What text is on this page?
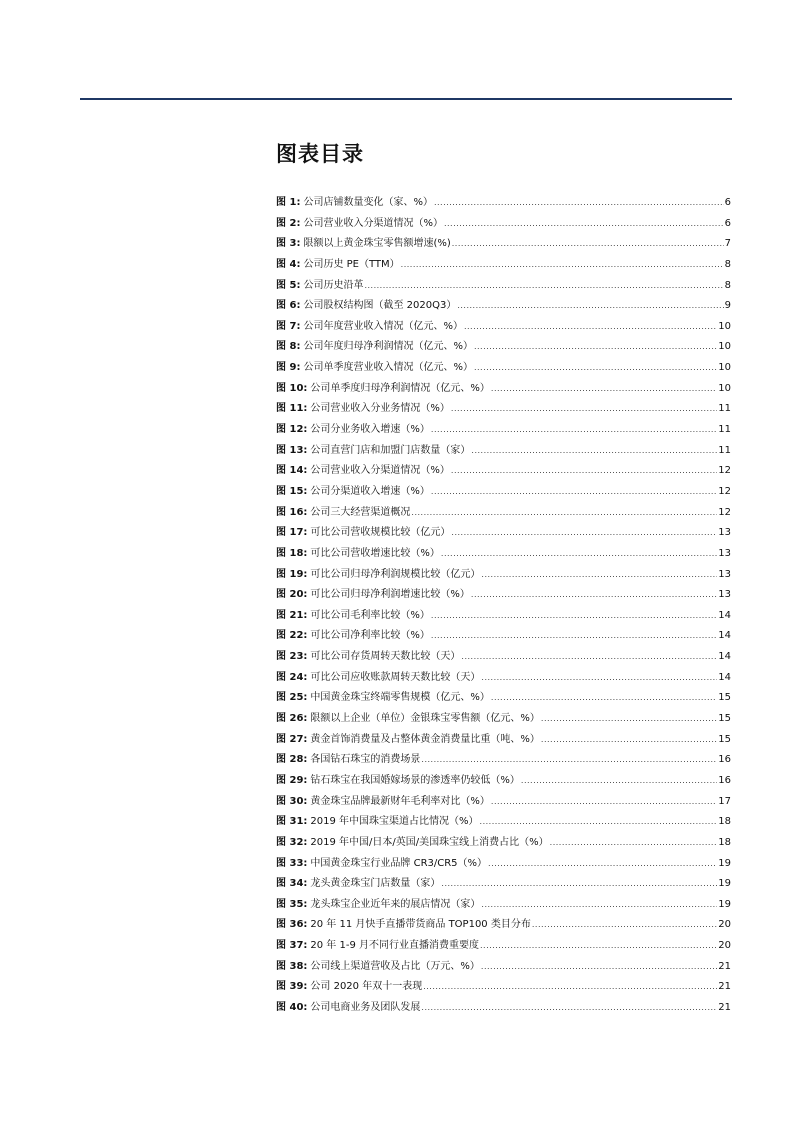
图表目录
图 1: 公司店铺数量变化（家、%） .....	6
图 2: 公司营业收入分渠道情况（%） .....	6
图 3: 限额以上黄金珠宝零售额增速(%) .....	7
图 4: 公司历史 PE（TTM） .....	8
图 5: 公司历史沿革 .....	8
图 6: 公司股权结构图（截至 2020Q3） .....	9
图 7: 公司年度营业收入情况（亿元、%） .....	10
图 8: 公司年度归母净利润情况（亿元、%） .....	10
图 9: 公司单季度营业收入情况（亿元、%） .....	10
图 10: 公司单季度归母净利润情况（亿元、%） .....	10
图 11: 公司营业收入分业务情况（%） .....	11
图 12: 公司分业务收入增速（%） .....	11
图 13: 公司直营门店和加盟门店数量（家） .....	11
图 14: 公司营业收入分渠道情况（%） .....	12
图 15: 公司分渠道收入增速（%） .....	12
图 16: 公司三大经营渠道概况 .....	12
图 17: 可比公司营收规模比较（亿元） .....	13
图 18: 可比公司营收增速比较（%） .....	13
图 19: 可比公司归母净利润规模比较（亿元） .....	13
图 20: 可比公司归母净利润增速比较（%） .....	13
图 21: 可比公司毛利率比较（%） .....	14
图 22: 可比公司净利率比较（%） .....	14
图 23: 可比公司存货周转天数比较（天） .....	14
图 24: 可比公司应收账款周转天数比较（天） .....	14
图 25: 中国黄金珠宝终端零售规模（亿元、%） .....	15
图 26: 限额以上企业（单位）金银珠宝零售额（亿元、%） .....	15
图 27: 黄金首饰消费量及占整体黄金消费量比重（吨、%） .....	15
图 28: 各国钻石珠宝的消费场景 .....	16
图 29: 钻石珠宝在我国婚嫁场景的渗透率仍较低（%） .....	16
图 30: 黄金珠宝品牌最新财年毛利率对比（%） .....	17
图 31: 2019 年中国珠宝渠道占比情况（%） .....	18
图 32: 2019 年中国/日本/英国/美国珠宝线上消费占比（%） .....	18
图 33: 中国黄金珠宝行业品牌 CR3/CR5（%） .....	19
图 34: 龙头黄金珠宝门店数量（家） .....	19
图 35: 龙头珠宝企业近年来的展店情况（家） .....	19
图 36: 20 年 11 月快手直播带货商品 TOP100 类目分布 .....	20
图 37: 20 年 1-9 月不同行业直播消费重要度 .....	20
图 38: 公司线上渠道营收及占比（万元、%） .....	21
图 39: 公司 2020 年双十一表现 .....	21
图 40: 公司电商业务及团队发展 .....	21
